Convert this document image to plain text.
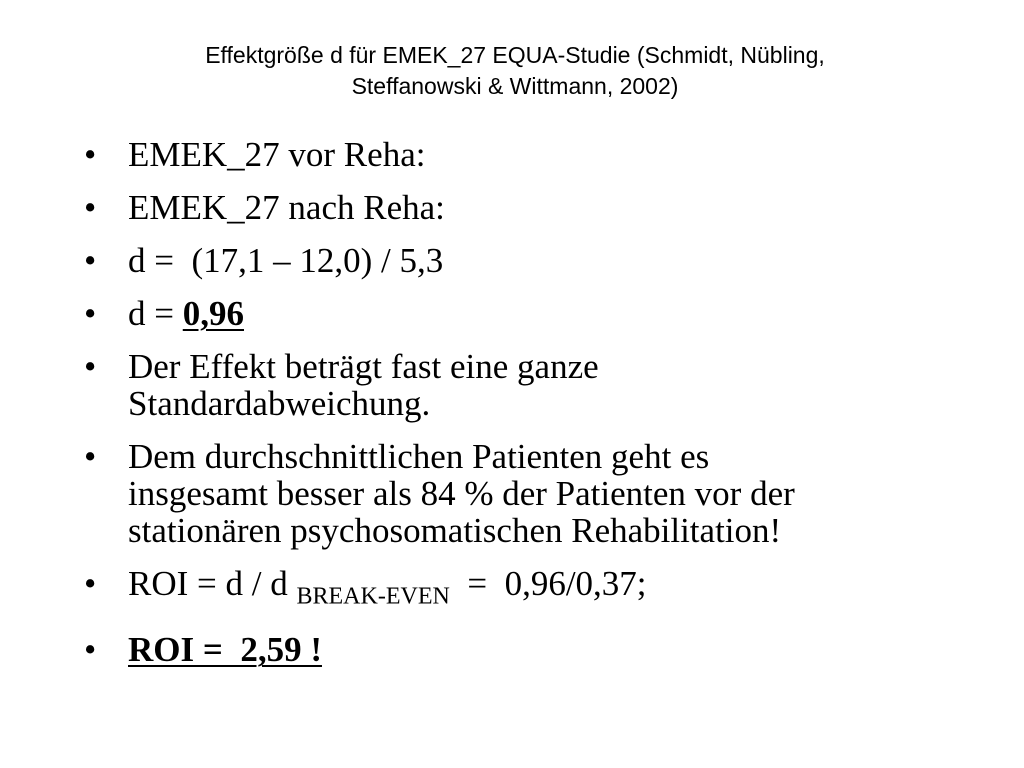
Effektgröße d für EMEK_27 EQUA-Studie (Schmidt, Nübling,
Steffanowski & Wittmann, 2002)
• EMEK_27 vor Reha:
• EMEK_27 nach Reha:
• d =  (17,1 – 12,0) / 5,3
• d = 0,96
• Der Effekt beträgt fast eine ganze
Standardabweichung.
• Dem durchschnittlichen Patienten geht es
insgesamt besser als 84 % der Patienten vor der
stationären psychosomatischen Rehabilitation!
• ROI = d / d $_{BREAK-EVEN}$  =  0,96/0,37;
• ROI =  2,59 !
